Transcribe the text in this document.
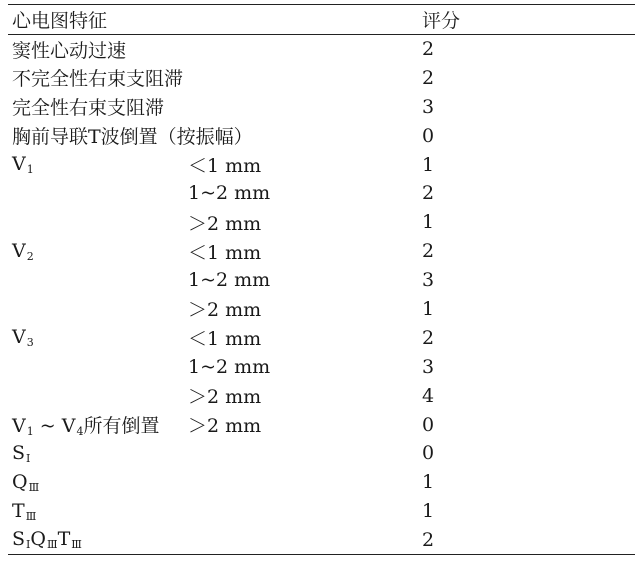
心电图特征		评分
窦性心动过速		2
不完全性右束支阻滞		2
完全性右束支阻滞		3
胸前导联T波倒置（按振幅）		0
$V_1$	＜1 mm	1
	1~2 mm	2
	＞2 mm	1
$V_2$	＜1 mm	2
	1~2 mm	3
	＞2 mm	1
$V_3$	＜1 mm	2
	1~2 mm	3
	＞2 mm	4
$V_1$ ~ $V_4$所有倒置	＞2 mm	0
$S_Ⅰ$		0
$Q_Ⅲ$		1
$T_Ⅲ$		1
$S_ⅠQ_ⅢT_Ⅲ$		2
